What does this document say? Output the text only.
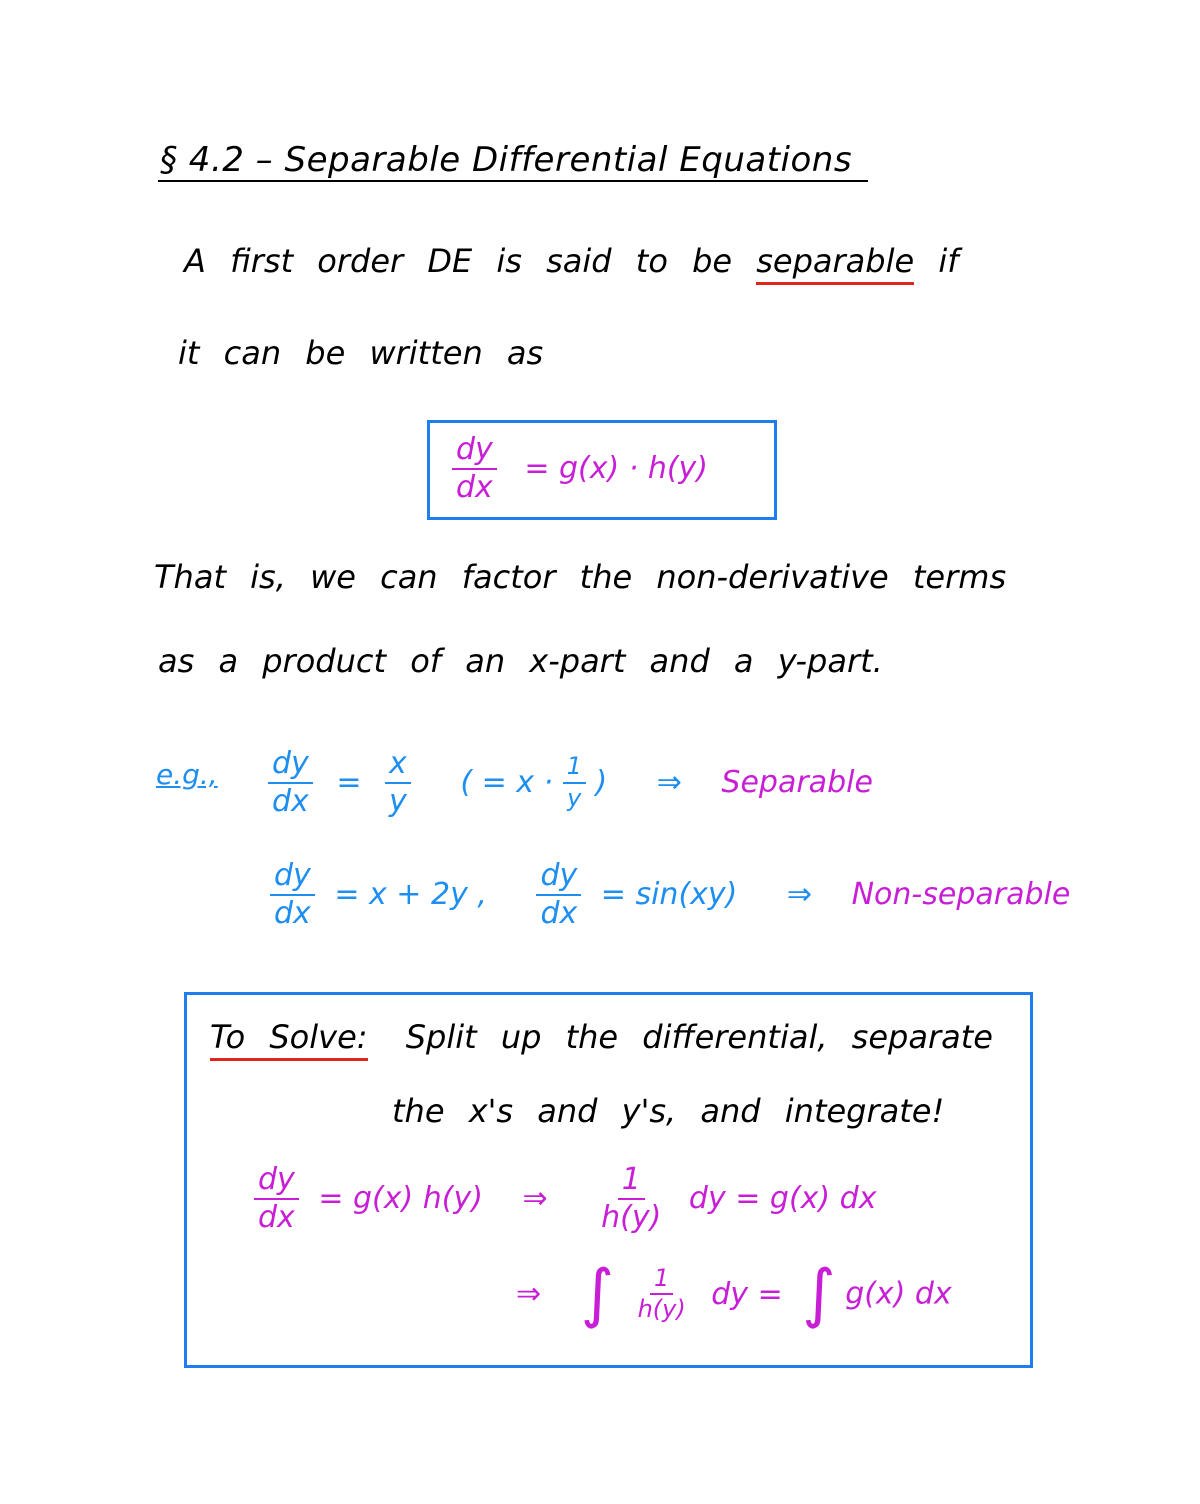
§ 4.2 – Separable Differential Equations
A first order DE is said to be separable if
it can be written as
$\frac{dy}{dx} = g(x) \cdot h(y)$
That is, we can factor the non-derivative terms
as a product of an x-part and a y-part.
e.g., $\frac{dy}{dx} = \frac{x}{y}$ ( = $x \cdot \frac{1}{y}$ ) ⇒ Separable
$\frac{dy}{dx} = x + 2y$ , $\frac{dy}{dx} = \sin(xy)$ ⇒ Non-separable
To Solve: Split up the differential, separate
the x's and y's, and integrate!
$\frac{dy}{dx} = g(x)$ h(y) ⇒ $\frac{1}{h(y)}$ dy = g(x) dx
⇒ ∫ $\frac{1}{h(y)}$ dy = ∫ g(x) dx
